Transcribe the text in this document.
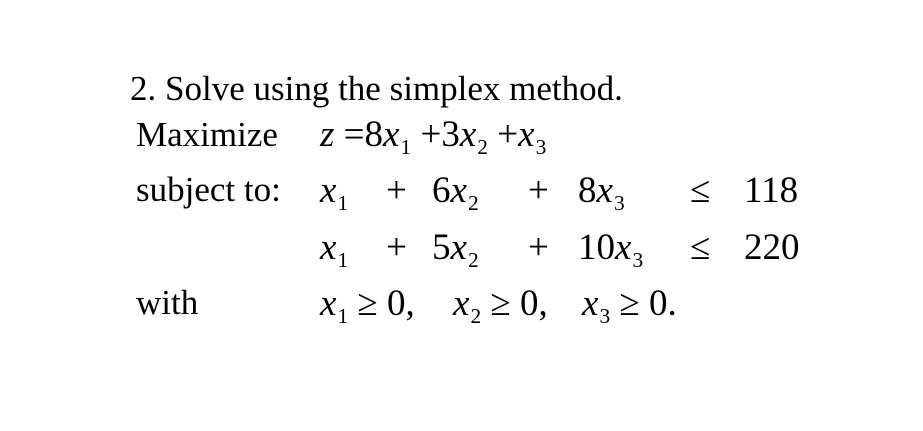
2. Solve using the simplex method.
Maximize $z =8x_1 +3x_2 +x_3$
subject to: $x_1 + 6x_2 + 8x_3 \le 118$
$x_1 + 5x_2 + 10x_3 \le 220$
with	$x_1 \ge 0$, $x_2 \ge 0$, $x_3 \ge 0$.
